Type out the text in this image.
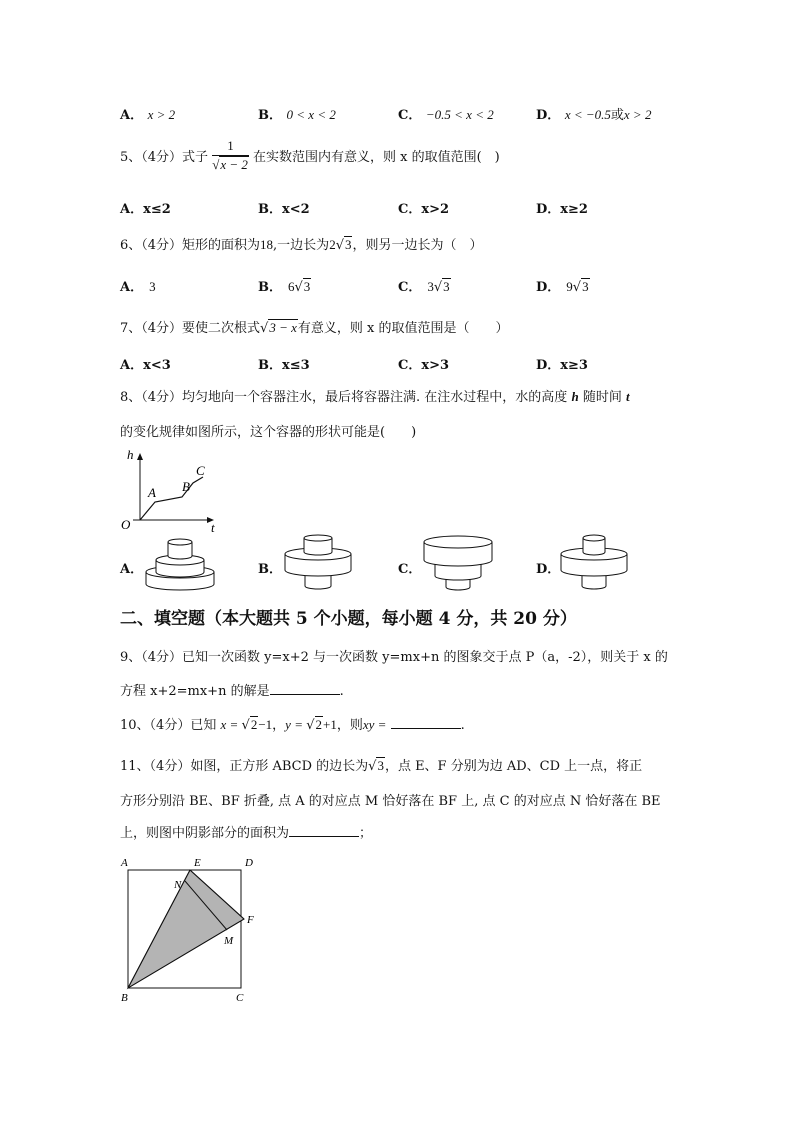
A． x > 2	B． 0 < x < 2	C． −0.5 < x < 2	D． x < −0.5或x > 2
5、（4分）式子 $\frac{1}{√x - 2}$ 在实数范围内有意义，则 x 的取值范围(　)
A．x≤2	B．x<2	C．x>2	D．x≥2
6、（4分）矩形的面积为18,一边长为2√3，则另一边长为（　）
A． 3	B． 6√3	C． 3√3	D． 9√3
7、（4分）要使二次根式√3 − x有意义，则 x 的取值范围是（　　）
A．x<3	B．x≤3	C．x>3	D．x≥3
8、（4分）均匀地向一个容器注水，最后将容器注满. 在注水过程中，水的高度 h 随时间 t
的变化规律如图所示，这个容器的形状可能是(　　)
h
t
O
A B
C
A．	B．	C．	D．
二、填空题（本大题共 5 个小题，每小题 4 分，共 20 分）
9、（4分）已知一次函数 y=x+2 与一次函数 y=mx+n 的图象交于点 P（a，-2），则关于 x 的
方程 x+2=mx+n 的解是	.
10、（4分）已知 x = √2−1，y = √2+1，则xy =	.
11、（4分）如图，正方形 ABCD 的边长为√3，点 E、F 分别为边 AD、CD 上一点，将正
方形分别沿 BE、BF 折叠, 点 A 的对应点 M 恰好落在 BF 上, 点 C 的对应点 N 恰好落在 BE
上，则图中阴影部分的面积为	；
A	E	D
N
F
M
B	C
